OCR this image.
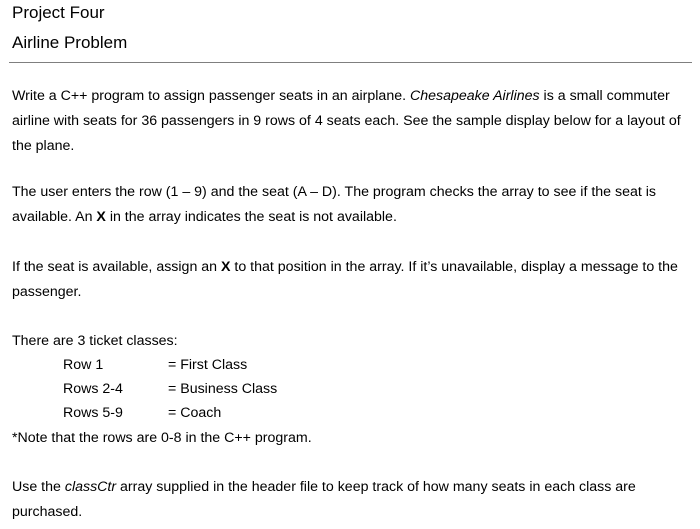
Project Four
Airline Problem
Write a C++ program to assign passenger seats in an airplane. Chesapeake Airlines is a small commuter airline with seats for 36 passengers in 9 rows of 4 seats each. See the sample display below for a layout of the plane.
The user enters the row (1 – 9) and the seat (A – D). The program checks the array to see if the seat is available. An X in the array indicates the seat is not available.
If the seat is available, assign an X to that position in the array. If it’s unavailable, display a message to the passenger.
There are 3 ticket classes:
Row 1	= First Class
Rows 2-4	= Business Class
Rows 5-9	= Coach
*Note that the rows are 0-8 in the C++ program.
Use the classCtr array supplied in the header file to keep track of how many seats in each class are purchased.
